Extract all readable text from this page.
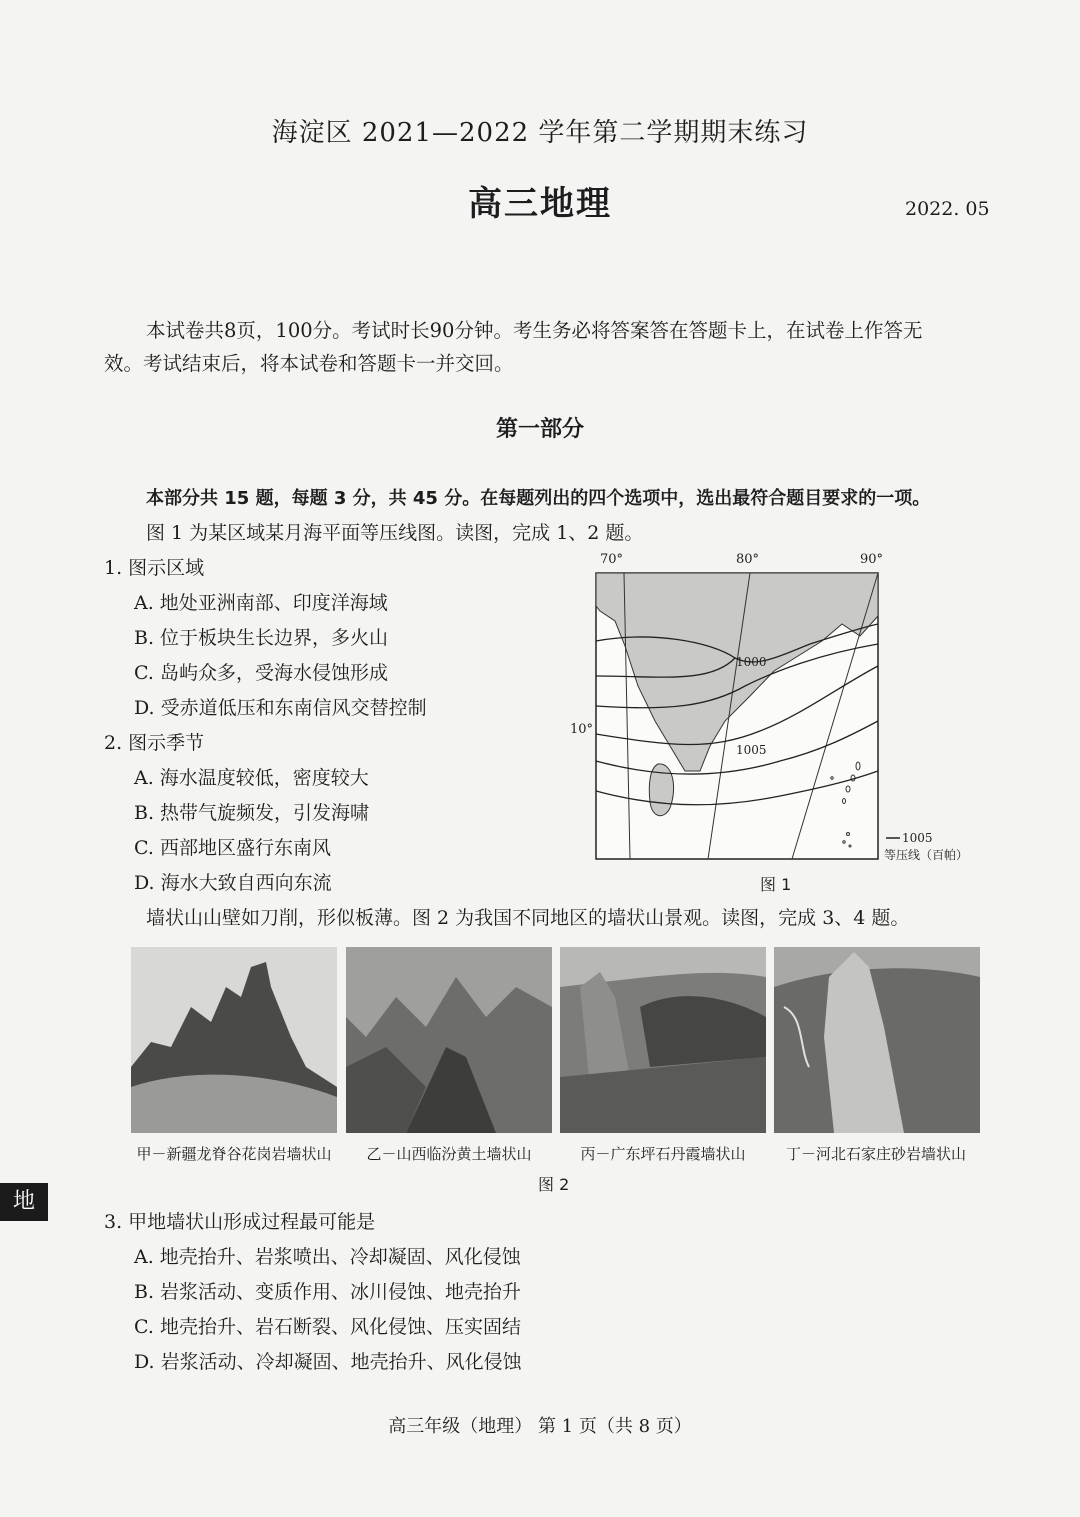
海淀区 2021—2022 学年第二学期期末练习
高三地理	2022. 05
本试卷共8页，100分。考试时长90分钟。考生务必将答案答在答题卡上，在试卷上作答无效。考试结束后，将本试卷和答题卡一并交回。
第一部分
本部分共 15 题，每题 3 分，共 45 分。在每题列出的四个选项中，选出最符合题目要求的一项。
图 1 为某区域某月海平面等压线图。读图，完成 1、2 题。
1. 图示区域
A. 地处亚洲南部、印度洋海域
B. 位于板块生长边界，多火山
C. 岛屿众多，受海水侵蚀形成
D. 受赤道低压和东南信风交替控制
2. 图示季节
A. 海水温度较低，密度较大
B. 热带气旋频发，引发海啸
C. 西部地区盛行东南风
D. 海水大致自西向东流
70°	80°	90°
10°
1000
1005
1005
等压线（百帕）
图 1
墙状山山壁如刀削，形似板薄。图 2 为我国不同地区的墙状山景观。读图，完成 3、4 题。
甲－新疆龙脊谷花岗岩墙状山	乙－山西临汾黄土墙状山	丙－广东坪石丹霞墙状山	丁－河北石家庄砂岩墙状山
图 2
地
3. 甲地墙状山形成过程最可能是
A. 地壳抬升、岩浆喷出、冷却凝固、风化侵蚀
B. 岩浆活动、变质作用、冰川侵蚀、地壳抬升
C. 地壳抬升、岩石断裂、风化侵蚀、压实固结
D. 岩浆活动、冷却凝固、地壳抬升、风化侵蚀
高三年级（地理） 第 1 页（共 8 页）
